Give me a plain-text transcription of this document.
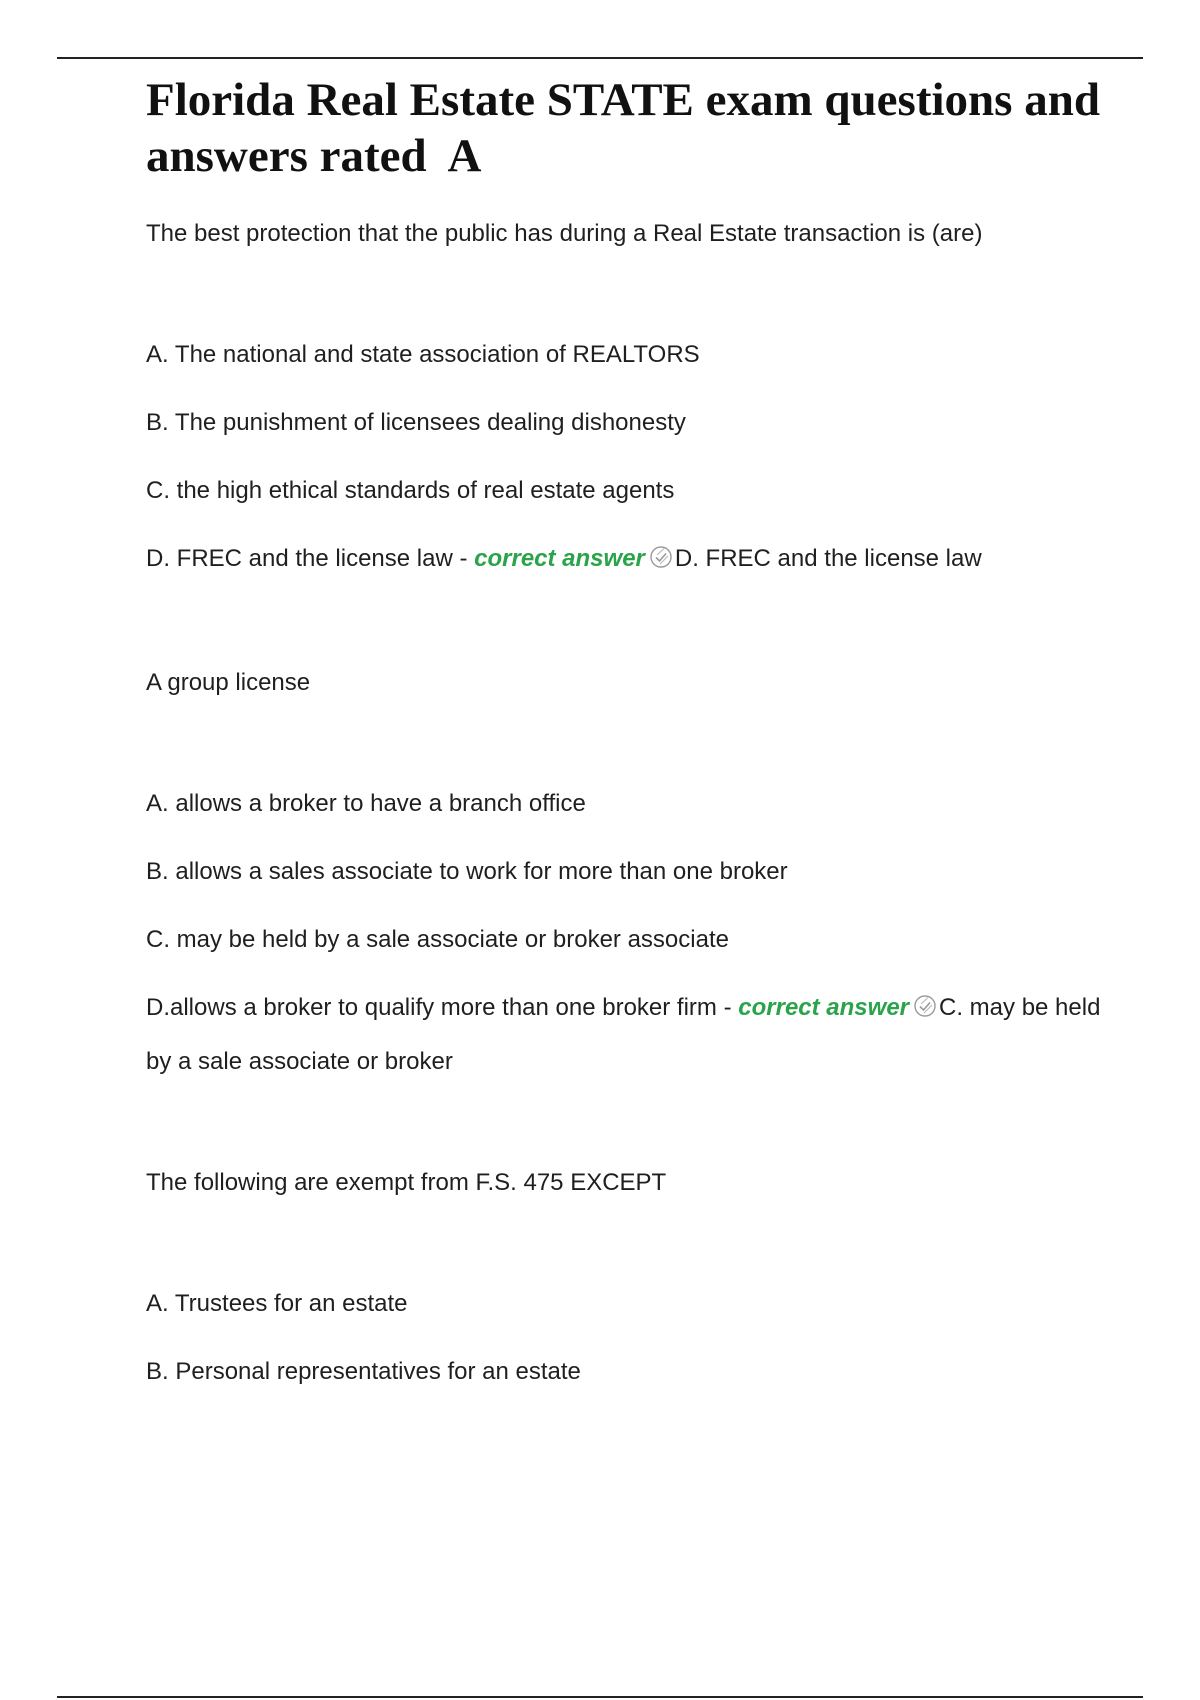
Florida Real Estate STATE exam questions and answers rated  A

The best protection that the public has during a Real Estate transaction is (are)

A. The national and state association of REALTORS

B. The punishment of licensees dealing dishonesty

C. the high ethical standards of real estate agents

D. FREC and the license law - correct answer D. FREC and the license law

A group license

A. allows a broker to have a branch office

B. allows a sales associate to work for more than one broker

C. may be held by a sale associate or broker associate

D.allows a broker to qualify more than one broker firm - correct answer C. may be held by a sale associate or broker

The following are exempt from F.S. 475 EXCEPT

A. Trustees for an estate

B. Personal representatives for an estate
